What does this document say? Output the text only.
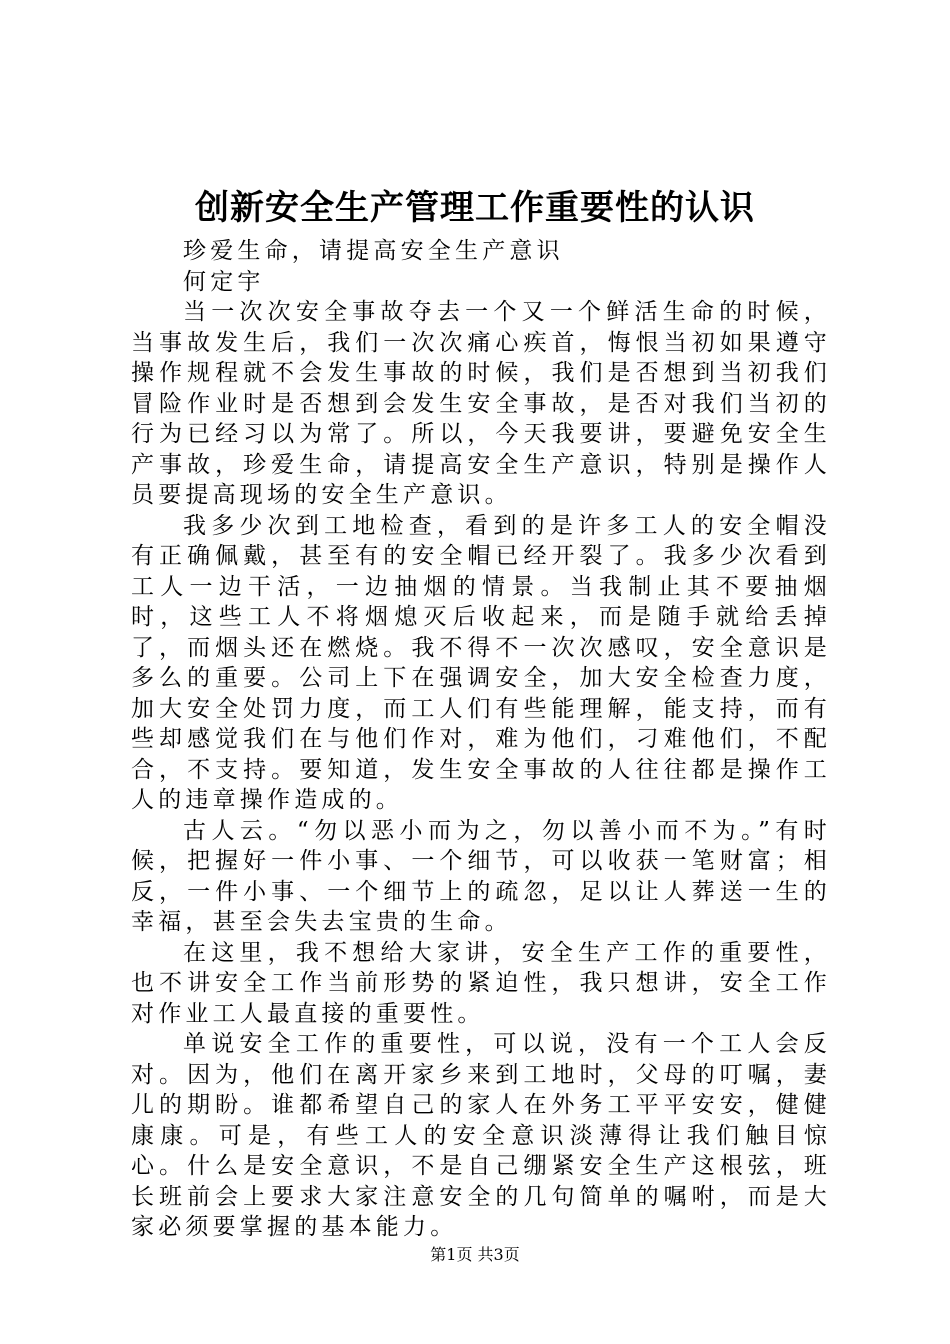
创新安全生产管理工作重要性的认识

珍爱生命，请提高安全生产意识

何定宇

当一次次安全事故夺去一个又一个鲜活生命的时候，当事故发生后，我们一次次痛心疾首，悔恨当初如果遵守操作规程就不会发生事故的时候，我们是否想到当初我们冒险作业时是否想到会发生安全事故，是否对我们当初的行为已经习以为常了。所以，今天我要讲，要避免安全生产事故，珍爱生命，请提高安全生产意识，特别是操作人员要提高现场的安全生产意识。

我多少次到工地检查，看到的是许多工人的安全帽没有正确佩戴，甚至有的安全帽已经开裂了。我多少次看到工人一边干活，一边抽烟的情景。当我制止其不要抽烟时，这些工人不将烟熄灭后收起来，而是随手就给丢掉了，而烟头还在燃烧。我不得不一次次感叹，安全意识是多么的重要。公司上下在强调安全，加大安全检查力度，加大安全处罚力度，而工人们有些能理解，能支持，而有些却感觉我们在与他们作对，难为他们，刁难他们，不配合，不支持。要知道，发生安全事故的人往往都是操作工人的违章操作造成的。

古人云。“勿以恶小而为之，勿以善小而不为。”有时候，把握好一件小事、一个细节，可以收获一笔财富；相反，一件小事、一个细节上的疏忽，足以让人葬送一生的幸福，甚至会失去宝贵的生命。

在这里，我不想给大家讲，安全生产工作的重要性，也不讲安全工作当前形势的紧迫性，我只想讲，安全工作对作业工人最直接的重要性。

单说安全工作的重要性，可以说，没有一个工人会反对。因为，他们在离开家乡来到工地时，父母的叮嘱，妻儿的期盼。谁都希望自己的家人在外务工平平安安，健健康康。可是，有些工人的安全意识淡薄得让我们触目惊心。什么是安全意识，不是自己绷紧安全生产这根弦，班长班前会上要求大家注意安全的几句简单的嘱咐，而是大家必须要掌握的基本能力。

第1页 共3页
